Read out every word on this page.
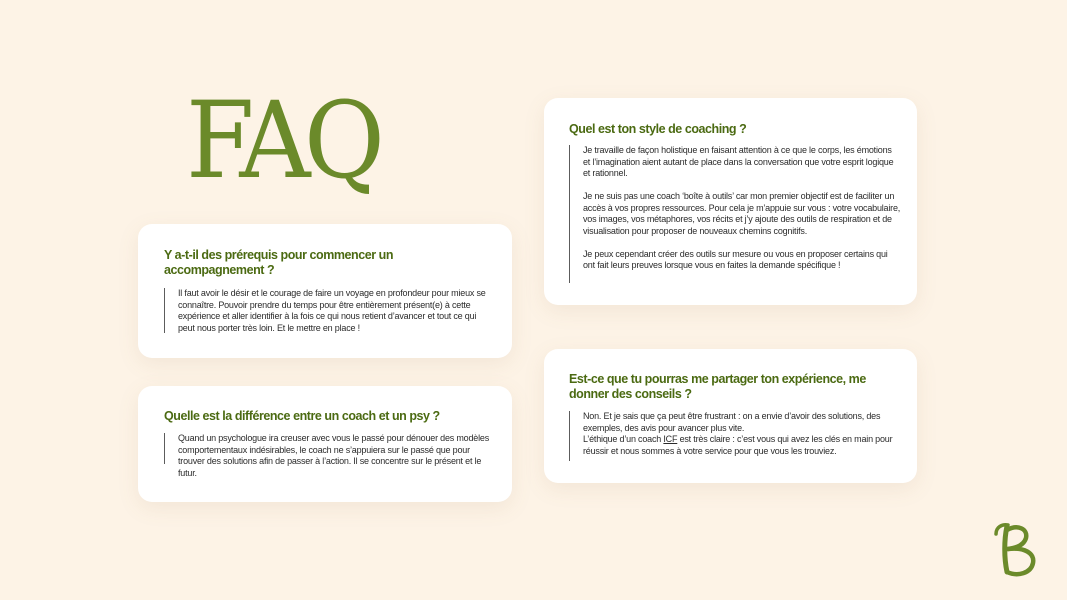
FAQ
Y a-t-il des prérequis pour commencer un accompagnement ?

Il faut avoir le désir et le courage de faire un voyage en profondeur pour mieux se connaître. Pouvoir prendre du temps pour être entièrement présent(e) à cette expérience et aller identifier à la fois ce qui nous retient d’avancer et tout ce qui peut nous porter très loin. Et le mettre en place !

Quelle est la différence entre un coach et un psy ?

Quand un psychologue ira creuser avec vous le passé pour dénouer des modèles comportementaux indésirables, le coach ne s’appuiera sur le passé que pour trouver des solutions afin de passer à l’action. Il se concentre sur le présent et le futur.

Quel est ton style de coaching ?

Je travaille de façon holistique en faisant attention à ce que le corps, les émotions et l’imagination aient autant de place dans la conversation que votre esprit logique et rationnel.

Je ne suis pas une coach ‘boîte à outils’ car mon premier objectif est de faciliter un accès à vos propres ressources. Pour cela je m’appuie sur vous : votre vocabulaire, vos images, vos métaphores, vos récits et j’y ajoute des outils de respiration et de visualisation pour proposer de nouveaux chemins cognitifs.

Je peux cependant créer des outils sur mesure ou vous en proposer certains qui ont fait leurs preuves lorsque vous en faites la demande spécifique !

Est-ce que tu pourras me partager ton expérience, me donner des conseils ?

Non. Et je sais que ça peut être frustrant : on a envie d’avoir des solutions, des exemples, des avis pour avancer plus vite.
L’éthique d’un coach ICF est très claire : c’est vous qui avez les clés en main pour réussir et nous sommes à votre service pour que vous les trouviez.
